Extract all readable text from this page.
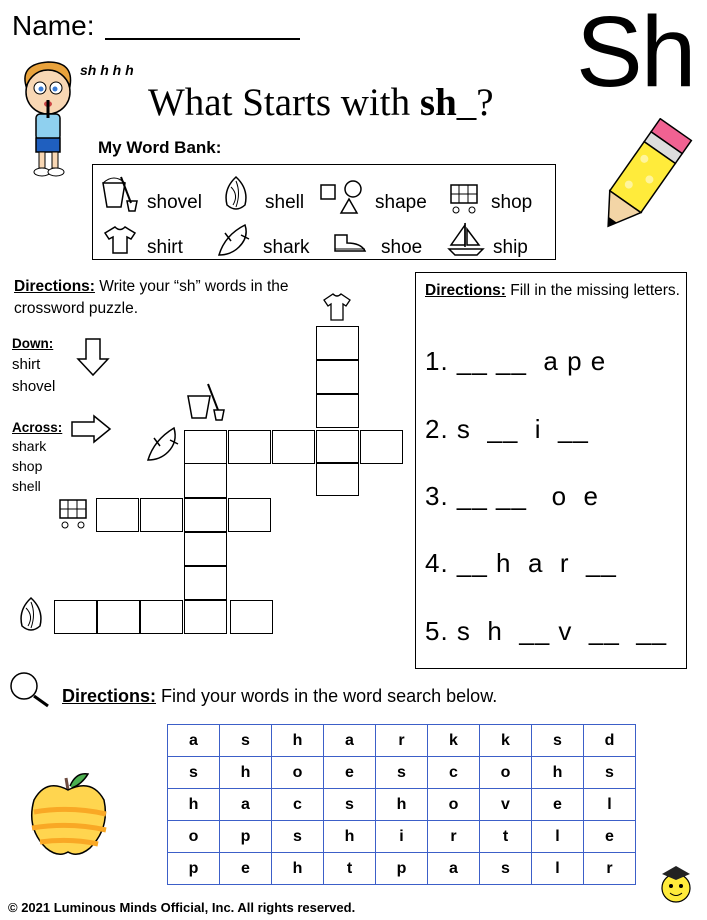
Name:	Sh
sh h h h
What Starts with sh_?
My Word Bank:
shovel	shell	shape	shop
shirt	shark	shoe	ship
Directions: Write your “sh” words in the crossword puzzle.
Down:
shirt
shovel
Across:
shark
shop
shell
Directions: Fill in the missing letters.
1. __ __  a p e
2. s  __  i  __
3. __ __   o  e
4. __ h  a  r  __
5. s  h  __ v  __  __
Directions: Find your words in the word search below.
a	s	h	a	r	k	k	s	d
s	h	o	e	s	c	o	h	s
h	a	c	s	h	o	v	e	l
o	p	s	h	i	r	t	l	e
p	e	h	t	p	a	s	l	r
© 2021 Luminous Minds Official, Inc. All rights reserved.
